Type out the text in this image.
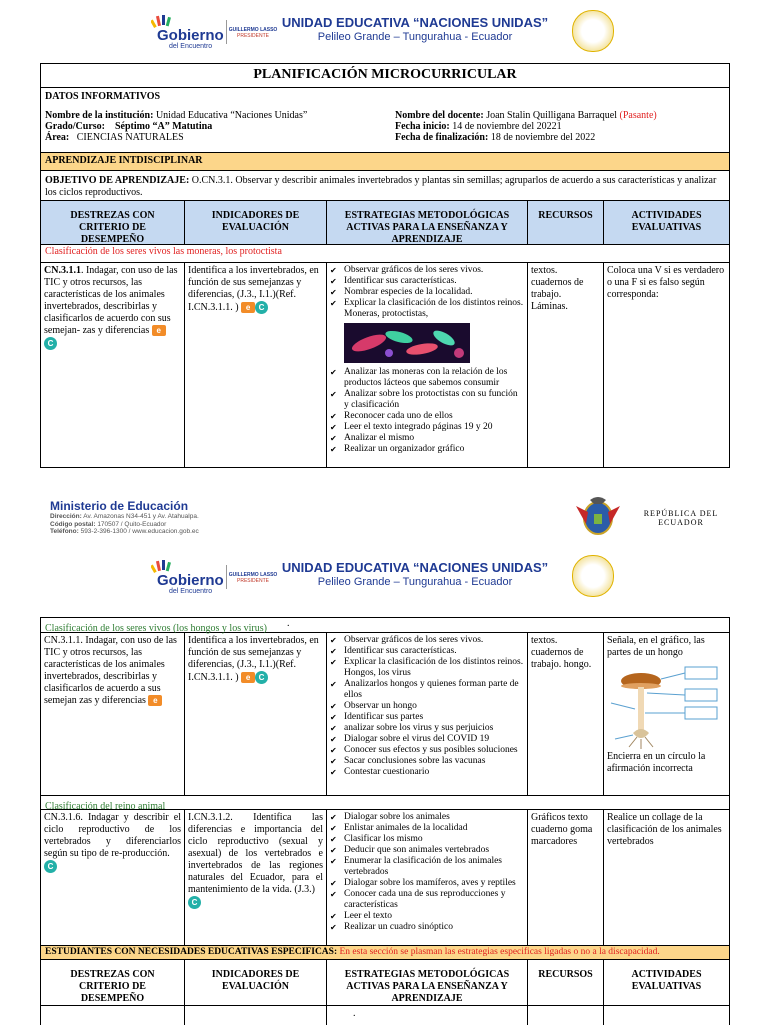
Gobierno
del Encuentro
GUILLERMO LASSO
PRESIDENTE
UNIDAD EDUCATIVA “NACIONES UNIDAS”
Pelileo Grande – Tungurahua - Ecuador
PLANIFICACIÓN MICROCURRICULAR
DATOS INFORMATIVOS
Nombre de la institución: Unidad Educativa “Naciones Unidas”
Grado/Curso: Séptimo “A” Matutina
Área: CIENCIAS NATURALES
Nombre del docente: Joan Stalin Quilligana Barraquel (Pasante)
Fecha inicio: 14 de noviembre del 20221
Fecha de finalización: 18 de noviembre del 2022
APRENDIZAJE INTDISCIPLINAR
OBJETIVO DE APRENDIZAJE: O.CN.3.1. Observar y describir animales invertebrados y plantas sin semillas; agruparlos de acuerdo a sus características y analizar los ciclos reproductivos.
DESTREZAS CON CRITERIO DE DESEMPEÑO
INDICADORES DE EVALUACIÓN
ESTRATEGIAS METODOLÓGICAS ACTIVAS PARA LA ENSEÑANZA Y APRENDIZAJE
RECURSOS	ACTIVIDADES EVALUATIVAS
Clasificación de los seres vivos las moneras, los protoctista
CN.3.1.1. Indagar, con uso de las TIC y otros recursos, las características de los animales invertebrados, describirlas y clasificarlos de acuerdo con sus semejan- zas y diferencias e
C
Identifica a los invertebrados, en función de sus semejanzas y diferencias, (J.3., I.1.)(Ref. I.CN.3.1.1. ) e C
✔ Observar gráficos de los seres vivos.
✔ Identificar sus características.
✔ Nombrar especies de la localidad.
✔ Explicar la clasificación de los distintos reinos. Moneras, protoctistas,
✔ Analizar las moneras con la relación de los productos lácteos que sabemos consumir
✔ Analizar sobre los protoctistas con su función y clasificación
✔ Reconocer cada uno de ellos
✔ Leer el texto integrado páginas 19 y 20
✔ Analizar el mismo
✔ Realizar un organizador gráfico
textos. cuadernos de trabajo. Láminas.
Coloca una V si es verdadero o una F si es falso según corresponda:
Ministerio de Educación
Dirección: Av. Amazonas N34-451 y Av. Atahualpa.
Código postal: 170507 / Quito-Ecuador
Teléfono: 593-2-396-1300 / www.educacion.gob.ec
REPÚBLICA DEL ECUADOR
Gobierno
del Encuentro
GUILLERMO LASSO
PRESIDENTE
UNIDAD EDUCATIVA “NACIONES UNIDAS”
Pelileo Grande – Tungurahua - Ecuador
Clasificación de los seres vivos (los hongos y los virus) .
CN.3.1.1. Indagar, con uso de las TIC y otros recursos, las características de los animales invertebrados, describirlas y clasificarlos de acuerdo a sus semejan zas y diferencias e
Identifica a los invertebrados, en función de sus semejanzas y diferencias, (J.3., I.1.)(Ref. I.CN.3.1.1. ) e C
✔ Observar gráficos de los seres vivos.
✔ Identificar sus características.
✔ Explicar la clasificación de los distintos reinos. Hongos, los virus
✔ Analizarlos hongos y quienes forman parte de ellos
✔ Observar un hongo
✔ Identificar sus partes
✔ analizar sobre los virus y sus perjuicios
✔ Dialogar sobre el virus del COVID 19
✔ Conocer sus efectos y sus posibles soluciones
✔ Sacar conclusiones sobre las vacunas
✔ Contestar cuestionario
textos. cuadernos de trabajo. hongo.
Señala, en el gráfico, las partes de un hongo
Encierra en un círculo la afirmación incorrecta
Clasificación del reino animal
CN.3.1.6. Indagar y describir el ciclo reproductivo de los vertebrados y diferenciarlos según su tipo de re-producción.
C
I.CN.3.1.2. Identifica las diferencias e importancia del ciclo reproductivo (sexual y asexual) de los vertebrados e invertebrados de las regiones naturales del Ecuador, para el mantenimiento de la vida. (J.3.)
C
✔ Dialogar sobre los animales
✔ Enlistar animales de la localidad
✔ Clasificar los mismo
✔ Deducir que son animales vertebrados
✔ Enumerar la clasificación de los animales vertebrados
✔ Dialogar sobre los mamíferos, aves y reptiles
✔ Conocer cada una de sus reproducciones y características
✔ Leer el texto
✔ Realizar un cuadro sinóptico
Gráficos texto cuaderno goma marcadores
Realice un collage de la clasificación de los animales vertebrados
ESTUDIANTES CON NECESIDADES EDUCATIVAS ESPECIFICAS: En esta sección se plasman las estrategias especificas ligadas o no a la discapacidad.
DESTREZAS CON CRITERIO DE DESEMPEÑO
INDICADORES DE EVALUACIÓN
ESTRATEGIAS METODOLÓGICAS ACTIVAS PARA LA ENSEÑANZA Y APRENDIZAJE
RECURSOS	ACTIVIDADES EVALUATIVAS
.
